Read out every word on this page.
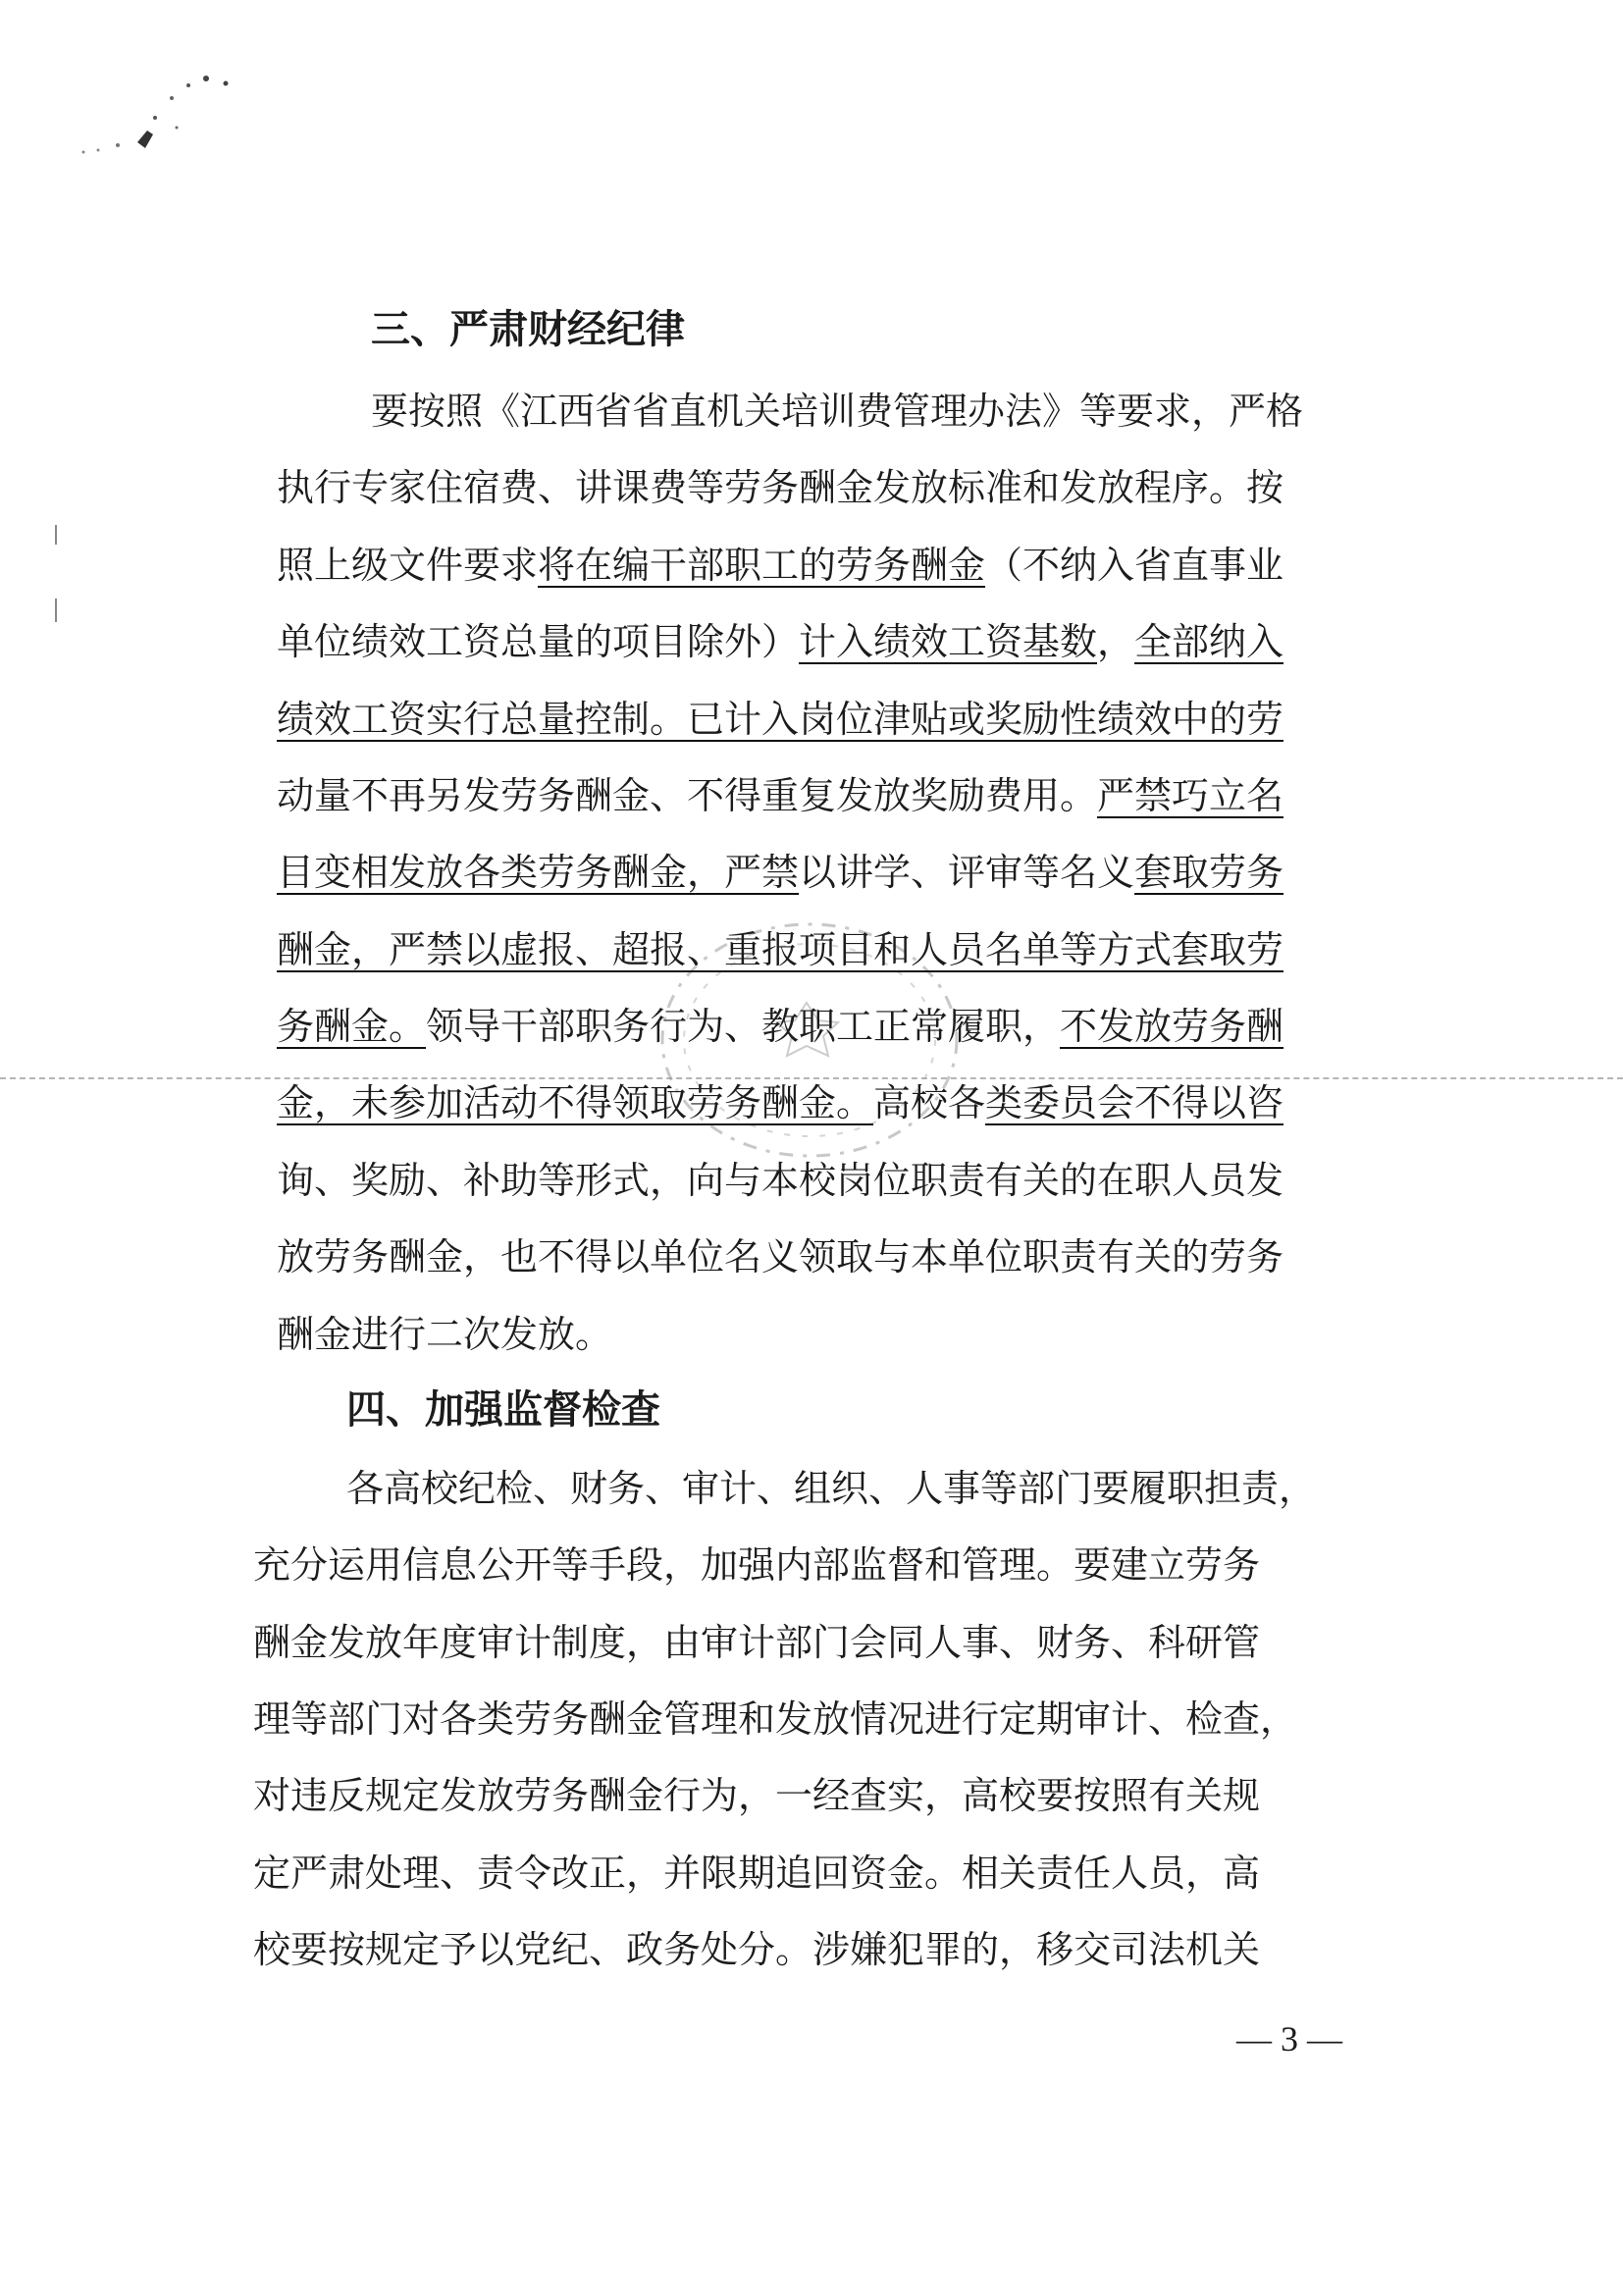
三、严肃财经纪律
要按照《江西省省直机关培训费管理办法》等要求，严格
执行专家住宿费、讲课费等劳务酬金发放标准和发放程序。按
照上级文件要求将在编干部职工的劳务酬金（不纳入省直事业
单位绩效工资总量的项目除外）计入绩效工资基数，全部纳入
绩效工资实行总量控制。已计入岗位津贴或奖励性绩效中的劳
动量不再另发劳务酬金、不得重复发放奖励费用。严禁巧立名
目变相发放各类劳务酬金，严禁以讲学、评审等名义套取劳务
酬金，严禁以虚报、超报、重报项目和人员名单等方式套取劳
务酬金。领导干部职务行为、教职工正常履职，不发放劳务酬
金，未参加活动不得领取劳务酬金。高校各类委员会不得以咨
询、奖励、补助等形式，向与本校岗位职责有关的在职人员发
放劳务酬金，也不得以单位名义领取与本单位职责有关的劳务
酬金进行二次发放。
四、加强监督检查
各高校纪检、财务、审计、组织、人事等部门要履职担责，
充分运用信息公开等手段，加强内部监督和管理。要建立劳务
酬金发放年度审计制度，由审计部门会同人事、财务、科研管
理等部门对各类劳务酬金管理和发放情况进行定期审计、检查，
对违反规定发放劳务酬金行为，一经查实，高校要按照有关规
定严肃处理、责令改正，并限期追回资金。相关责任人员，高
校要按规定予以党纪、政务处分。涉嫌犯罪的，移交司法机关
— 3 —
